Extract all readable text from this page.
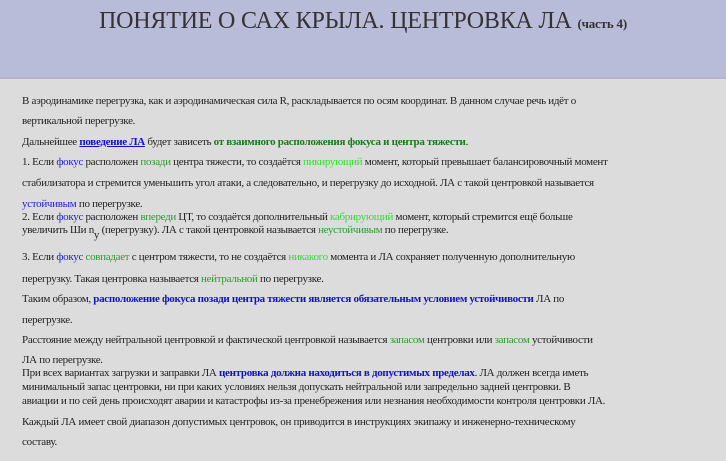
ПОНЯТИЕ О САХ КРЫЛА. ЦЕНТРОВКА ЛА (часть 4)
В аэродинамике перегрузка, как и аэродинамическая сила R, раскладывается по осям координат. В данном случае речь идёт о
вертикальной перегрузке.
Дальнейшее поведение ЛА будет зависеть от взаимного расположения фокуса и центра тяжести.
1. Если фокус расположен позади центра тяжести, то создаётся пикирующий момент, который превышает балансировочный момент
стабилизатора и стремится уменьшить угол атаки, а следовательно, и перегрузку до исходной. ЛА с такой центровкой называется
устойчивым по перегрузке.
2. Если фокус расположен впереди ЦТ, то создаётся дополнительный кабрирующий момент, который стремится ещё больше
увеличить Ши $n_y$ (перегрузку). ЛА с такой центровкой называется неустойчивым по перегрузке.
3. Если фокус совпадает с центром тяжести, то не создаётся никакого момента и ЛА сохраняет полученную дополнительную
перегрузку. Такая центровка называется нейтральной по перегрузке.
Таким образом, расположение фокуса позади центра тяжести является обязательным условием устойчивости ЛА по
перегрузке.
Расстояние между нейтральной центровкой и фактической центровкой называется запасом центровки или запасом устойчивости
ЛА по перегрузке.
При всех вариантах загрузки и заправки ЛА центровка должна находиться в допустимых пределах. ЛА должен всегда иметь
минимальный запас центровки, ни при каких условиях нельзя допускать нейтральной или запредельно задней центровки. В
авиации и по сей день происходят аварии и катастрофы из-за пренебрежения или незнания необходимости контроля центровки ЛА.
Каждый ЛА имеет свой диапазон допустимых центровок, он приводится в инструкциях экипажу и инженерно-техническому
составу.
